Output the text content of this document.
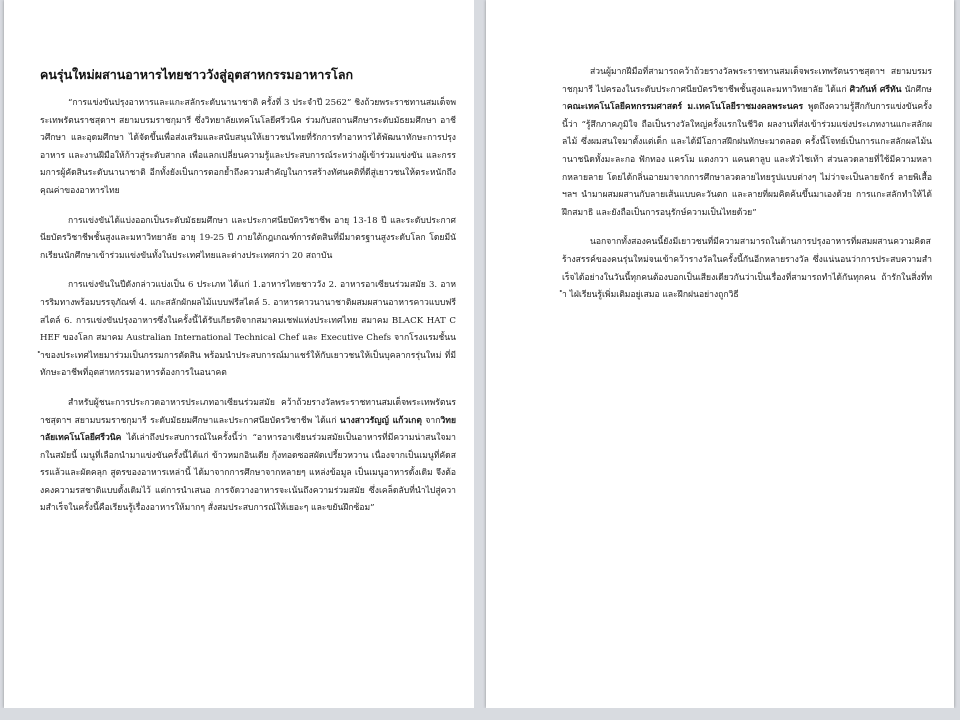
คนรุ่นใหม่ผสานอาหารไทยชาววังสู่อุตสาหกรรมอาหารโลก

“การแข่งขันปรุงอาหารและแกะสลักระดับนานาชาติ ครั้งที่ 3 ประจำปี 2562” ชิงถ้วยพระราชทานสมเด็จพระเทพรัตนราชสุดาฯ สยามบรมราชกุมารี ซึ่งวิทยาลัยเทคโนโลยีศรีวนิค ร่วมกับสถานศึกษาระดับมัธยมศึกษา อาชีวศึกษา และอุดมศึกษา ได้จัดขึ้นเพื่อส่งเสริมและสนับสนุนให้เยาวชนไทยที่รักการทำอาหารได้พัฒนาทักษะการปรุงอาหาร และงานฝีมือให้ก้าวสู่ระดับสากล เพื่อแลกเปลี่ยนความรู้และประสบการณ์ระหว่างผู้เข้าร่วมแข่งขัน และกรรมการผู้คัดสินระดับนานาชาติ อีกทั้งยังเป็นการตอกย้ำถึงความสำคัญในการสร้างทัศนคติที่ดีสู่เยาวชนให้ตระหนักถึงคุณค่าของอาหารไทย

การแข่งขันได้แบ่งออกเป็นระดับมัธยมศึกษา และประกาศนียบัตรวิชาชีพ อายุ 13-18 ปี และระดับประกาศนียบัตรวิชาชีพชั้นสูงและมหาวิทยาลัย อายุ 19-25 ปี ภายใต้กฎเกณฑ์การตัดสินที่มีมาตรฐานสูงระดับโลก โดยมีนักเรียนนักศึกษาเข้าร่วมแข่งขันทั้งในประเทศไทยและต่างประเทศกว่า 20 สถาบัน

การแข่งขันในปีดังกล่าวแบ่งเป็น 6 ประเภท ได้แก่ 1.อาหารไทยชาววัง 2. อาหารอาเซียนร่วมสมัย 3. อาหารริมทางพร้อมบรรจุภัณฑ์ 4. แกะสลักผักผลไม้แบบฟรีสไตล์ 5. อาหารคาวนานาชาติผสมผสานอาหารคาวแบบฟรีสไตล์ 6. การแข่งขันปรุงอาหารซึ่งในครั้งนี้ได้รับเกียรติจากสมาคมเชฟแห่งประเทศไทย สมาคม BLACK HAT CHEF ของโลก สมาคม Australian International Technical Chef และ Executive Chefs จากโรงแรมชั้นนำของประเทศไทยมาร่วมเป็นกรรมการตัดสิน พร้อมนำประสบการณ์มาแชร์ให้กับเยาวชนให้เป็นบุคลากรรุ่นใหม่ ที่มีทักษะอาชีพที่อุตสาหกรรมอาหารต้องการในอนาคต

สำหรับผู้ชนะการประกวดอาหารประเภทอาเซียนร่วมสมัย คว้าถ้วยรางวัลพระราชทานสมเด็จพระเทพรัตนราชสุดาฯ สยามบรมราชกุมารี ระดับมัธยมศึกษาและประกาศนียบัตรวิชาชีพ ได้แก่ นางสาวรัญญ์ แก้วเกตุ จากวิทยาลัยเทคโนโลยีศรีวนิค ได้เล่าถึงประสบการณ์ในครั้งนี้ว่า “อาหารอาเซียนร่วมสมัยเป็นอาหารที่มีความน่าสนใจมากในสมัยนี้ เมนูที่เลือกนำมาแข่งขันครั้งนี้ได้แก่ ข้าวหมกอินเดีย กุ้งทอดซอสผัดเปรี้ยวหวาน เนื่องจากเป็นเมนูที่คัดสรรแล้วและผัดคลุก สูตรของอาหารเหล่านี้ ได้มาจากการศึกษาจากหลายๆ แหล่งข้อมูล เป็นเมนูอาหารดั้งเดิม จึงต้องคงความรสชาติแบบดั้งเดิมไว้ แต่การนำเสนอ การจัดวางอาหารจะเน้นถึงความร่วมสมัย ซึ่งเคล็ดลับที่นำไปสู่ความสำเร็จในครั้งนี้คือเรียนรู้เรื่องอาหารให้มากๆ สั่งสมประสบการณ์ให้เยอะๆ และขยันฝึกซ้อม”

ส่วนผู้มากฝีมือที่สามารถคว้าถ้วยรางวัลพระราชทานสมเด็จพระเทพรัตนราชสุดาฯ สยามบรมราชกุมารี ไปครองในระดับประกาศนียบัตรวิชาชีพชั้นสูงและมหาวิทยาลัย ได้แก่ ศิวกันท์ ศรีทัน นักศึกษาคณะเทคโนโลยีคหกรรมศาสตร์ ม.เทคโนโลยีราชมงคลพระนคร พูดถึงความรู้สึกกับการแข่งขันครั้งนี้ว่า “รู้สึกภาคภูมิใจ ถือเป็นรางวัลใหญ่ครั้งแรกในชีวิต ผลงานที่ส่งเข้าร่วมแข่งประเภทงานแกะสลักผลไม้ ซึ่งผมสนใจมาตั้งแต่เด็ก และได้มีโอกาสฝึกฝนทักษะมาตลอด ครั้งนี้โจทย์เป็นการแกะสลักผลไม้นานาชนิดทั้งมะละกอ ฟักทอง แครโม แตงกวา แคนตาลูบ และหัวไชเท้า ส่วนลวดลายที่ใช้มีความหลากหลายลาย โดยได้กลิ่นอายมาจากการศึกษาลวดลายไทยรูปแบบต่างๆ ไม่ว่าจะเป็นลายจักร์ ลายพิเสื้อ ฯลฯ นำมาผสมผสานกับลายเส้นแบบคะวันตก และลายที่ผมคิดค้นขึ้นมาเองด้วย การแกะสลักทำให้ได้ฝึกสมาธิ และยังถือเป็นการอนุรักษ์ความเป็นไทยด้วย”

นอกจากทั้งสองคนนี้ยังมีเยาวชนที่มีความสามารถในด้านการปรุงอาหารที่ผสมผสานความคิดสร้างสรรค์ของคนรุ่นใหม่จนเข้าคว้ารางวัลในครั้งนี้กันอีกหลายรางวัล ซึ่งแน่นอนว่าการประสบความสำเร็จได้อย่างในวันนี้ทุกคนต้องบอกเป็นเสียงเดียวกันว่าเป็นเรื่องที่สามารถทำได้กันทุกคน ถ้ารักในสิ่งที่ทำ ไฝ่เรียนรู้เพิ่มเติมอยู่เสมอ และฝึกฝนอย่างถูกวิธี
